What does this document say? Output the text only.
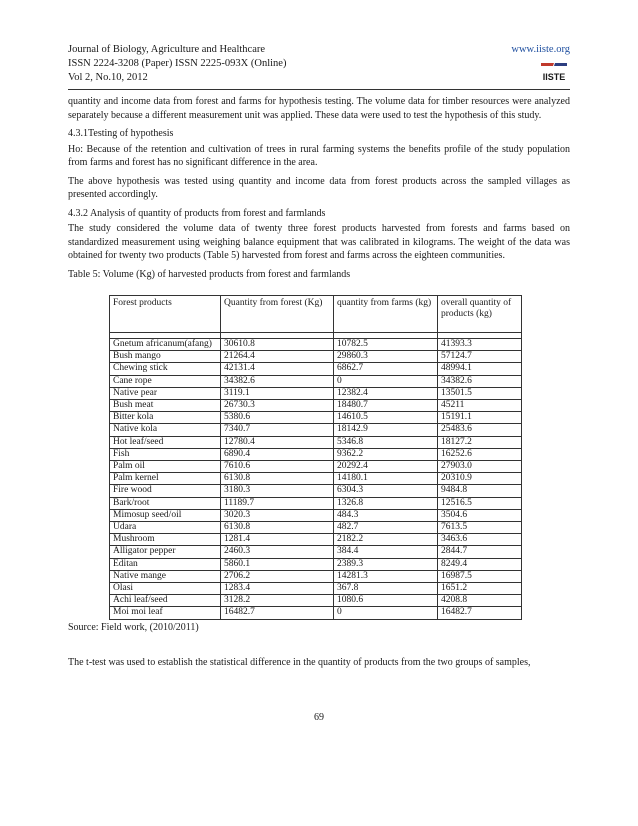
Journal of Biology, Agriculture and Healthcare
ISSN 2224-3208 (Paper) ISSN 2225-093X (Online)
Vol 2, No.10, 2012
www.iiste.org
IISTE

quantity and income data from forest and farms for hypothesis testing. The volume data for timber resources were analyzed separately because a different measurement unit was applied. These data were used to test the hypothesis of this study.

4.3.1Testing of hypothesis

Ho: Because of the retention and cultivation of trees in rural farming systems the benefits profile of the study population from farms and forest has no significant difference in the area.

The above hypothesis was tested using quantity and income data from forest products across the sampled villages as presented accordingly.

4.3.2 Analysis of quantity of products from forest and farmlands

The study considered the volume data of twenty three forest products harvested from forests and farms based on standardized measurement using weighing balance equipment that was calibrated in kilograms. The weight of the data was obtained for twenty two products (Table 5) harvested from forest and farms across the eighteen communities.

Table 5: Volume (Kg) of harvested products from forest and farmlands
Forest products	Quantity from forest (Kg)	quantity from farms (kg)	overall quantity of products (kg)

Gnetum africanum(afang)	30610.8	10782.5	41393.3
Bush mango	21264.4	29860.3	57124.7
Chewing stick	42131.4	6862.7	48994.1
Cane rope	34382.6	0	34382.6
Native pear	3119.1	12382.4	13501.5
Bush meat	26730.3	18480.7	45211
Bitter kola	5380.6	14610.5	15191.1
Native kola	7340.7	18142.9	25483.6
Hot leaf/seed	12780.4	5346.8	18127.2
Fish	6890.4	9362.2	16252.6
Palm oil	7610.6	20292.4	27903.0
Palm kernel	6130.8	14180.1	20310.9
Fire wood	3180.3	6304.3	9484.8
Bark/root	11189.7	1326.8	12516.5
Mimosup seed/oil	3020.3	484.3	3504.6
Udara	6130.8	482.7	7613.5
Mushroom	1281.4	2182.2	3463.6
Alligator pepper	2460.3	384.4	2844.7
Editan	5860.1	2389.3	8249.4
Native mange	2706.2	14281.3	16987.5
Olasi	1283.4	367.8	1651.2
Achi leaf/seed	3128.2	1080.6	4208.8
Moi moi leaf	16482.7	0	16482.7
Source: Field work, (2010/2011)

The t-test was used to establish the statistical difference in the quantity of products from the two groups of samples,

69
